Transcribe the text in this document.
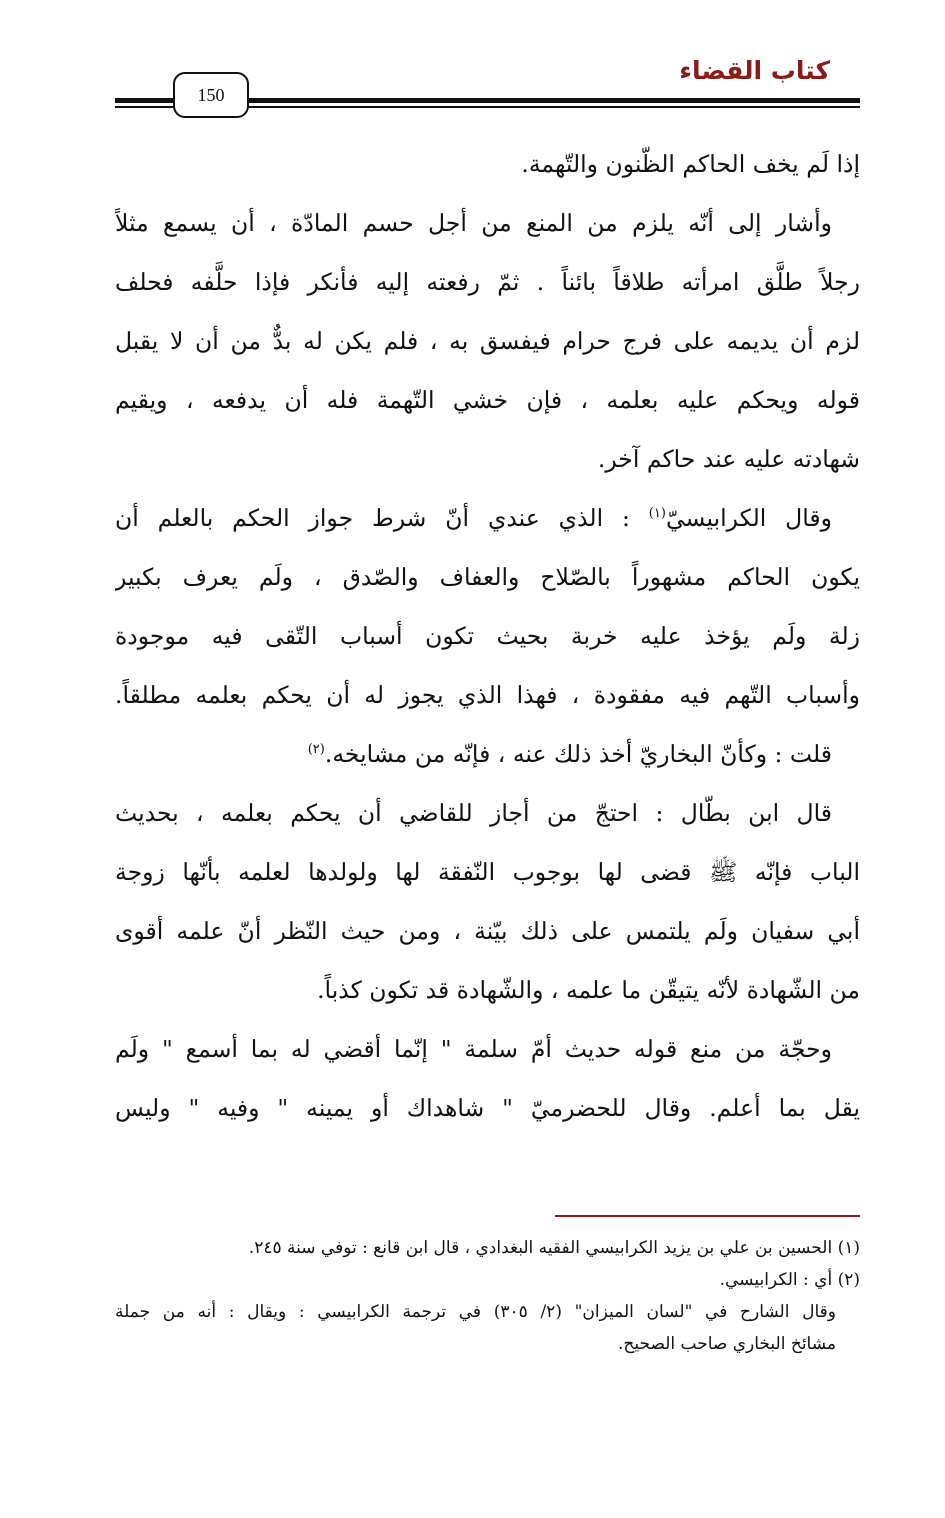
كتاب القضاء
150
إذا لَم يخف الحاكم الظّنون والتّهمة.
وأشار إلى أنّه يلزم من المنع من أجل حسم المادّة ، أن يسمع مثلاً
رجلاً طلَّق امرأته طلاقاً بائناً . ثمّ رفعته إليه فأنكر فإذا حلَّفه فحلف
لزم أن يديمه على فرج حرام فيفسق به ، فلم يكن له بدٌّ من أن لا يقبل
قوله ويحكم عليه بعلمه ، فإن خشي التّهمة فله أن يدفعه ، ويقيم
شهادته عليه عند حاكم آخر.
وقال الكرابيسيّ$^{(١)}$ : الذي عندي أنّ شرط جواز الحكم بالعلم أن
يكون الحاكم مشهوراً بالصّلاح والعفاف والصّدق ، ولَم يعرف بكبير
زلة ولَم يؤخذ عليه خربة بحيث تكون أسباب التّقى فيه موجودة
وأسباب التّهم فيه مفقودة ، فهذا الذي يجوز له أن يحكم بعلمه مطلقاً.
قلت : وكأنّ البخاريّ أخذ ذلك عنه ، فإنّه من مشايخه.$^{(٢)}$
قال ابن بطّال : احتجّ من أجاز للقاضي أن يحكم بعلمه ، بحديث
الباب فإنّه ﷺ قضى لها بوجوب النّفقة لها ولولدها لعلمه بأنّها زوجة
أبي سفيان ولَم يلتمس على ذلك بيّنة ، ومن حيث النّظر أنّ علمه أقوى
من الشّهادة لأنّه يتيقّن ما علمه ، والشّهادة قد تكون كذباً.
وحجّة من منع قوله حديث أمّ سلمة " إنّما أقضي له بما أسمع " ولَم
يقل بما أعلم. وقال للحضرميّ " شاهداك أو يمينه " وفيه " وليس
(١) الحسين بن علي بن يزيد الكرابيسي الفقيه البغدادي ، قال ابن قانع : توفي سنة ٢٤٥.
(٢) أي : الكرابيسي.
وقال الشارح في "لسان الميزان" (٢/ ٣٠٥) في ترجمة الكرابيسي : ويقال : أنه من جملة
مشائخ البخاري صاحب الصحيح.
